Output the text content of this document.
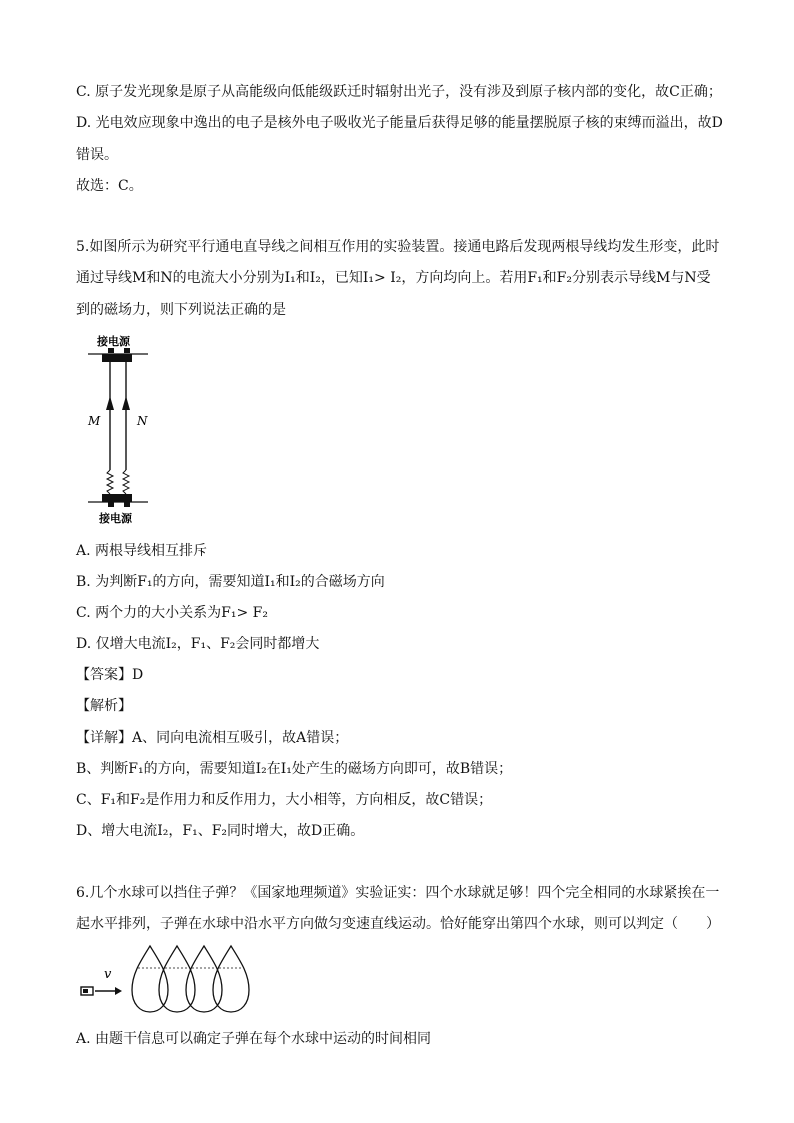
C. 原子发光现象是原子从高能级向低能级跃迁时辐射出光子，没有涉及到原子核内部的变化，故C正确；
D. 光电效应现象中逸出的电子是核外电子吸收光子能量后获得足够的能量摆脱原子核的束缚而溢出，故D
错误。
故选：C。
5.如图所示为研究平行通电直导线之间相互作用的实验装置。接通电路后发现两根导线均发生形变，此时
通过导线M和N的电流大小分别为I₁和I₂，已知I₁> I₂，方向均向上。若用F₁和F₂分别表示导线M与N受
到的磁场力，则下列说法正确的是
接电源
M	N
接电源
A. 两根导线相互排斥
B. 为判断F₁的方向，需要知道I₁和I₂的合磁场方向
C. 两个力的大小关系为F₁> F₂
D. 仅增大电流I₂，F₁、F₂会同时都增大
【答案】D
【解析】
【详解】A、同向电流相互吸引，故A错误；
B、判断F₁的方向，需要知道I₂在I₁处产生的磁场方向即可，故B错误；
C、F₁和F₂是作用力和反作用力，大小相等，方向相反，故C错误；
D、增大电流I₂，F₁、F₂同时增大，故D正确。
6.几个水球可以挡住子弹？《国家地理频道》实验证实：四个水球就足够！四个完全相同的水球紧挨在一
起水平排列，子弹在水球中沿水平方向做匀变速直线运动。恰好能穿出第四个水球，则可以判定（　　）
v
A. 由题干信息可以确定子弹在每个水球中运动的时间相同
